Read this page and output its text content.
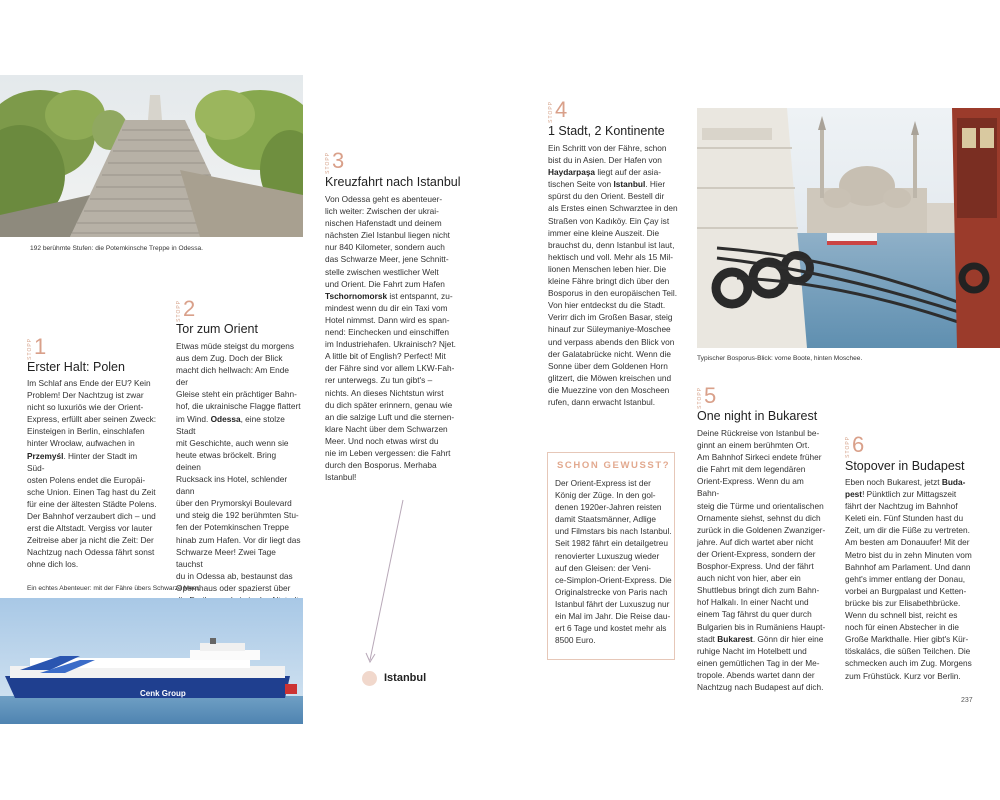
192 berühmte Stufen: die Potemkinsche Treppe in Odessa.
STOPP 2
Tor zum Orient
Etwas müde steigst du morgens
aus dem Zug. Doch der Blick
macht dich hellwach: Am Ende der
Gleise steht ein prächtiger Bahn-
hof, die ukrainische Flagge flattert
im Wind. Odessa, eine stolze Stadt
mit Geschichte, auch wenn sie
heute etwas bröckelt. Bring deinen
Rucksack ins Hotel, schlender dann
über den Prymorskyi Boulevard
und steig die 192 berühmten Stu-
fen der Potemkinschen Treppe
hinab zum Hafen. Vor dir liegt das
Schwarze Meer! Zwei Tage tauchst
du in Odessa ab, bestaunst das
Opernhaus oder spazierst über

STOPP 1
Erster Halt: Polen
Im Schlaf ans Ende der EU? Kein
Problem! Der Nachtzug ist zwar
nicht so luxuriös wie der Orient-
Express, erfüllt aber seinen Zweck:
Einsteigen in Berlin, einschlafen
hinter Wrocław, aufwachen in
Przemyśl. Hinter der Stadt im Süd-
osten Polens endet die Europäi-
sche Union. Einen Tag hast du Zeit
für eine der ältesten Städte Polens.
Der Bahnhof verzaubert dich – und
erst die Altstadt. Vergiss vor lauter
Zeitreise aber ja nicht die Zeit: Der
Nachtzug nach Odessa fährt sonst
ohne dich los.
Ein echtes Abenteuer: mit der Fähre übers Schwarze Meer.
Cenk Group
STOPP 3
Kreuzfahrt nach Istanbul
Von Odessa geht es abenteuer-
lich weiter: Zwischen der ukrai-
nischen Hafenstadt und deinem
nächsten Ziel Istanbul liegen nicht
nur 840 Kilometer, sondern auch
das Schwarze Meer, jene Schnitt-
stelle zwischen westlicher Welt
und Orient. Die Fahrt zum Hafen
Tschornomorsk ist entspannt, zu-
mindest wenn du dir ein Taxi vom
Hotel nimmst. Dann wird es span-
nend: Einchecken und einschiffen
im Industriehafen. Ukrainisch? Njet.
A little bit of English? Perfect! Mit
der Fähre sind vor allem LKW-Fah-
rer unterwegs. Zu tun gibt's –
nichts. An dieses Nichtstun wirst
du dich später erinnern, genau wie
an die salzige Luft und die sternen-
klare Nacht über dem Schwarzen
Meer. Und noch etwas wirst du
nie im Leben vergessen: die Fahrt
durch den Bosporus. Merhaba
Istanbul!
Istanbul
STOPP 4
1 Stadt, 2 Kontinente
Ein Schritt von der Fähre, schon
bist du in Asien. Der Hafen von
Haydarpaşa liegt auf der asia-
tischen Seite von Istanbul. Hier
spürst du den Orient. Bestell dir
als Erstes einen Schwarztee in den
Straßen von Kadıköy. Ein Çay ist
immer eine kleine Auszeit. Die
brauchst du, denn Istanbul ist laut,
hektisch und voll. Mehr als 15 Mil-
lionen Menschen leben hier. Die
kleine Fähre bringt dich über den
Bosporus in den europäischen Teil.
Von hier entdeckst du die Stadt.
Verirr dich im Großen Basar, steig
hinauf zur Süleymaniye-Moschee
und verpass abends den Blick von
der Galatabrücke nicht. Wenn die
Sonne über dem Goldenen Horn
glitzert, die Möwen kreischen und
die Muezzine von den Moscheen
rufen, dann erwacht Istanbul.
SCHON GEWUSST?
Der Orient-Express ist der
König der Züge. In den gol-
denen 1920er-Jahren reisten
damit Staatsmänner, Adlige
und Filmstars bis nach Istanbul.
Seit 1982 fährt ein detailgetreu
renovierter Luxuszug wieder
auf den Gleisen: der Veni-
ce-Simplon-Orient-Express. Die
Originalstrecke von Paris nach
Istanbul fährt der Luxuszug nur
ein Mal im Jahr. Die Reise dau-
ert 6 Tage und kostet mehr als
8500 Euro.
Typischer Bosporus-Blick: vorne Boote, hinten Moschee.
STOPP 5
One night in Bukarest
Deine Rückreise von Istanbul be-
ginnt an einem berühmten Ort.
Am Bahnhof Sirkeci endete früher
die Fahrt mit dem legendären
Orient-Express. Wenn du am Bahn-
steig die Türme und orientalischen
Ornamente siehst, sehnst du dich
zurück in die Goldenen Zwanziger-
jahre. Auf dich wartet aber nicht
der Orient-Express, sondern der
Bosphor-Express. Und der fährt
auch nicht von hier, aber ein
Shuttlebus bringt dich zum Bahn-
hof Halkalı. In einer Nacht und
einem Tag fährst du quer durch
Bulgarien bis in Rumäniens Haupt-
stadt Bukarest. Gönn dir hier eine
ruhige Nacht im Hotelbett und
einen gemütlichen Tag in der Me-
tropole. Abends wartet dann der
Nachtzug nach Budapest auf dich.
STOPP 6
Stopover in Budapest
Eben noch Bukarest, jetzt Buda-
pest! Pünktlich zur Mittagszeit
fährt der Nachtzug im Bahnhof
Keleti ein. Fünf Stunden hast du
Zeit, um dir die Füße zu vertreten.
Am besten am Donauufer! Mit der
Metro bist du in zehn Minuten vom
Bahnhof am Parlament. Und dann
geht's immer entlang der Donau,
vorbei an Burgpalast und Ketten-
brücke bis zur Elisabethbrücke.
Wenn du schnell bist, reicht es
noch für einen Abstecher in die
Große Markthalle. Hier gibt's Kür-
töskalács, die süßen Teilchen. Die
schmecken auch im Zug. Morgens
zum Frühstück. Kurz vor Berlin.
237
